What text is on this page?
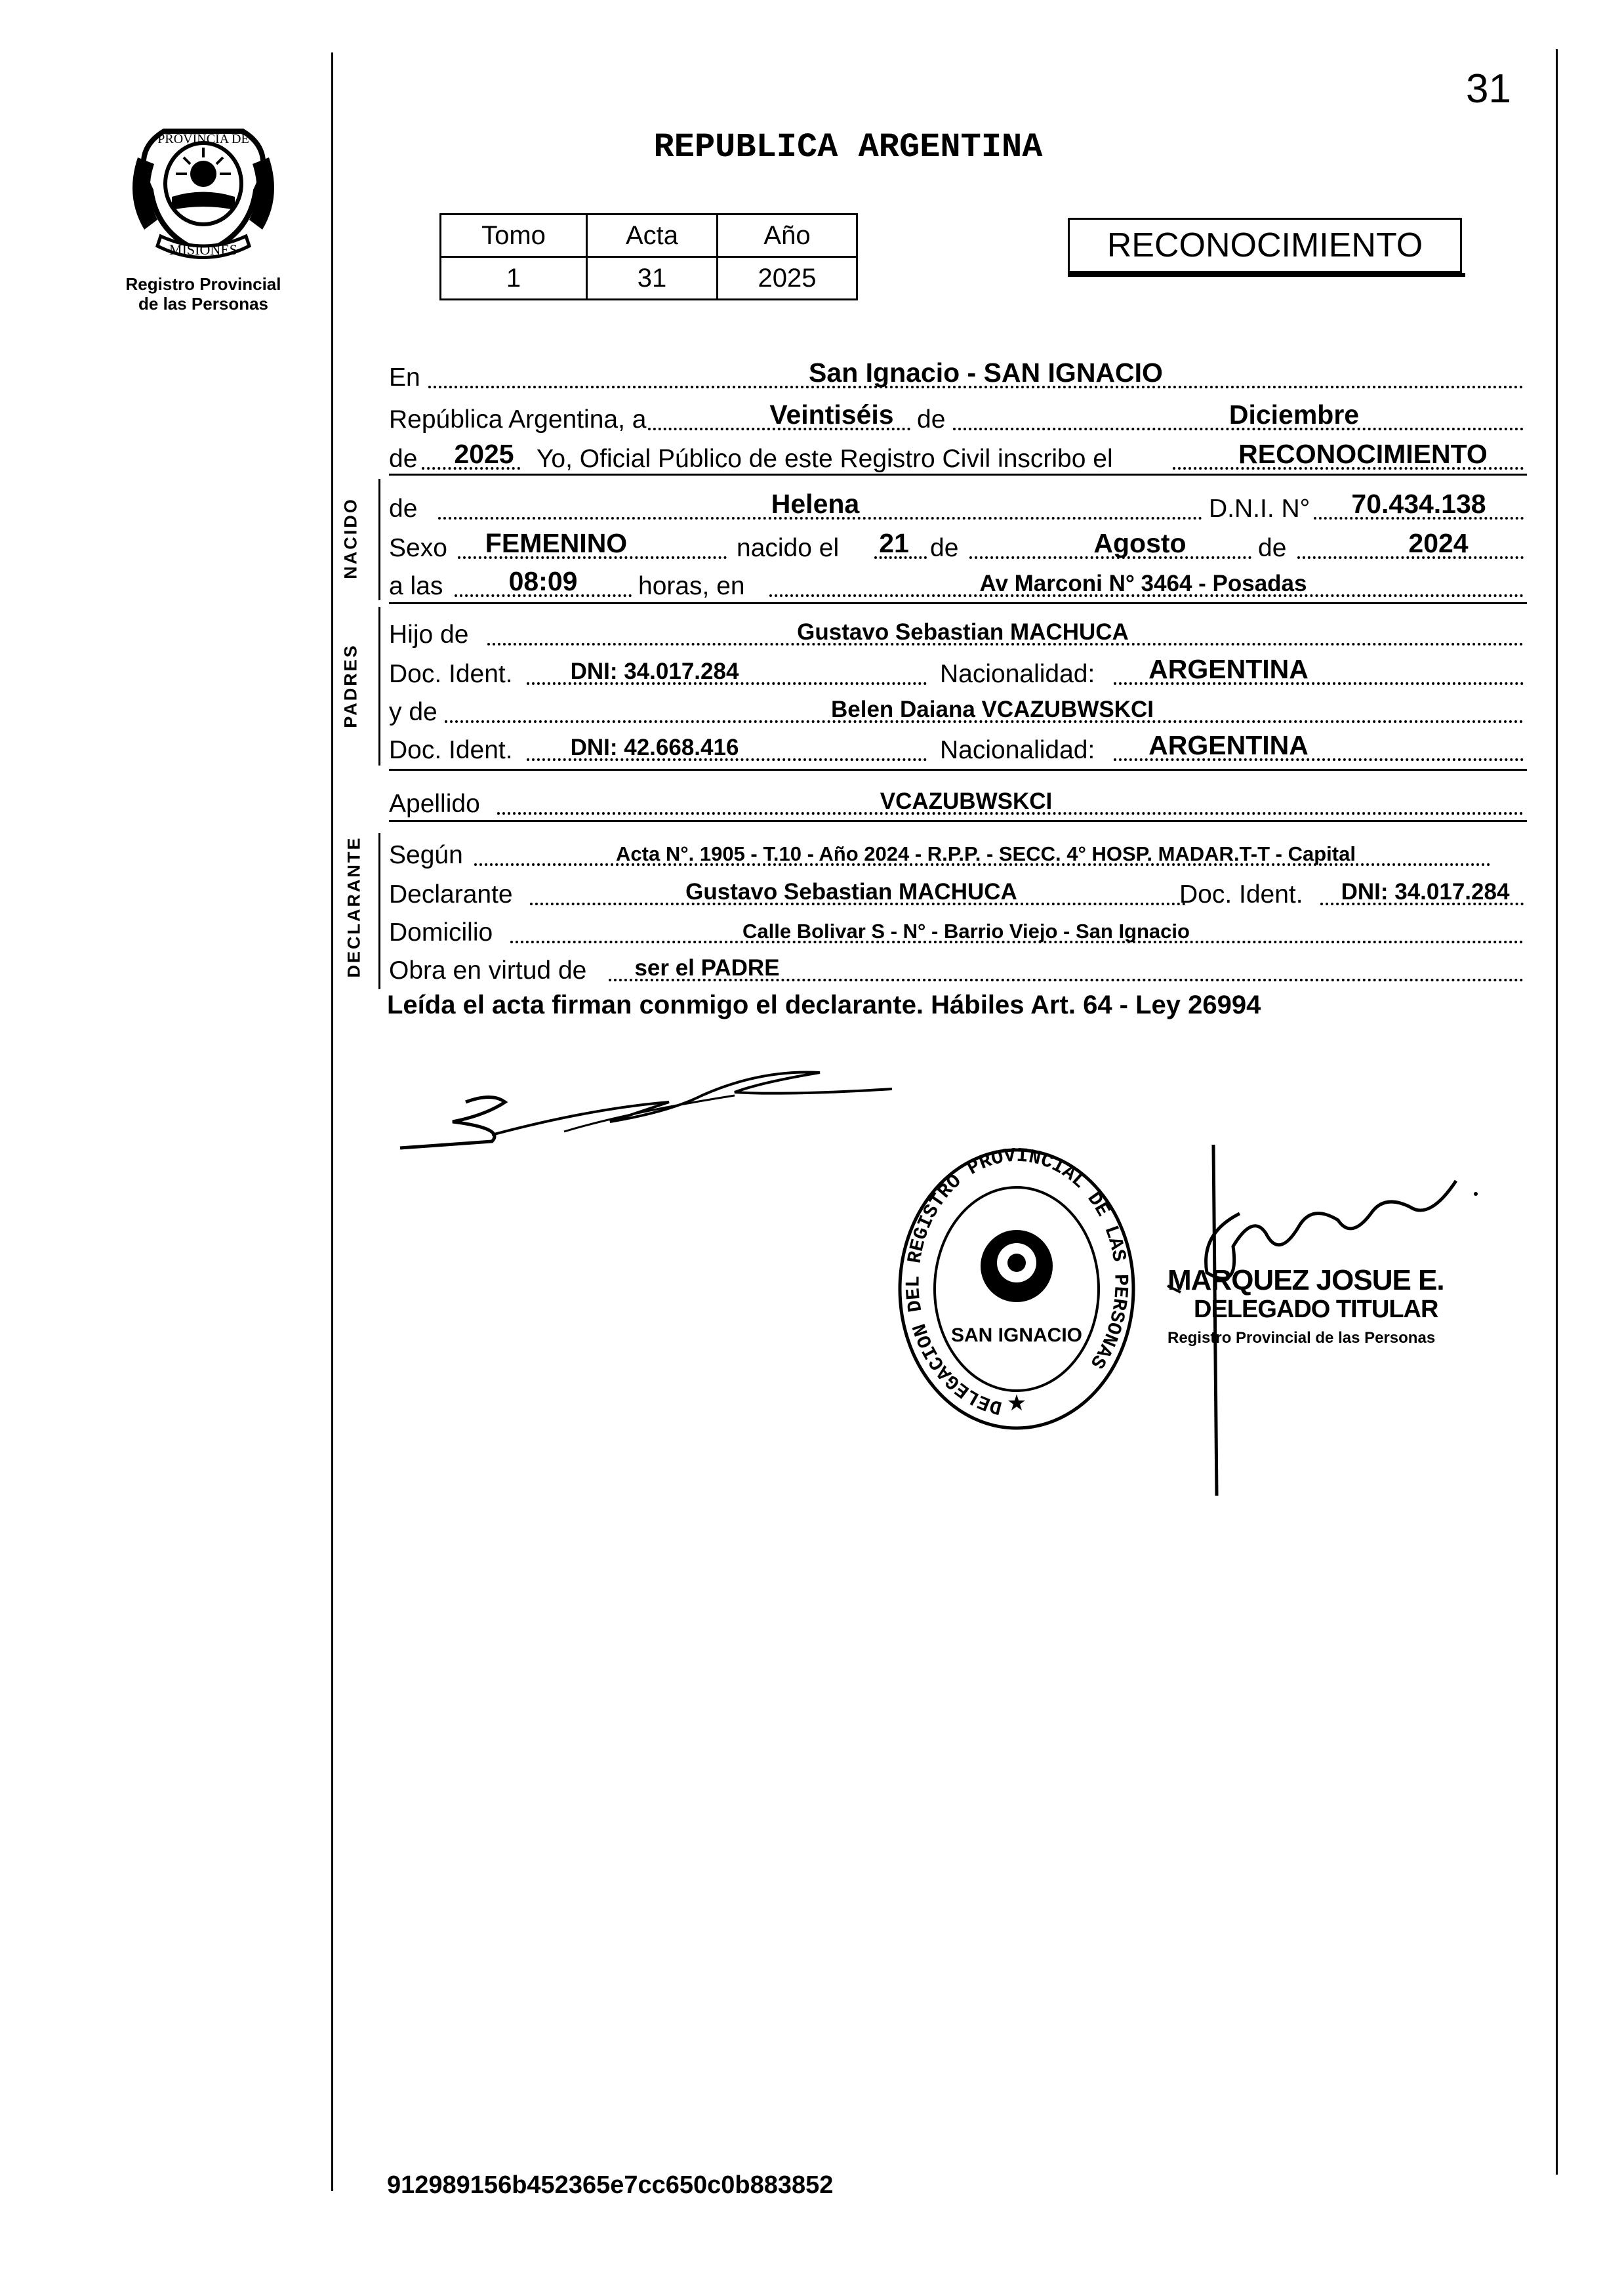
PROVINCIA DE
MISIONES
Registro Provincial
de las Personas
31
REPUBLICA ARGENTINA
Tomo	Acta	Año
1	31	2025
RECONOCIMIENTO
En	San Ignacio - SAN IGNACIO
República Argentina, a	Veintiséis de	Diciembre
de 2025 Yo, Oficial Público de este Registro Civil inscribo el	RECONOCIMIENTO
NACIDO de	Helena	D.N.I. N°	70.434.138
Sexo	FEMENINO	nacido el 21 de	Agosto	de	2024
a las	08:09	horas, en	Av Marconi N° 3464 - Posadas
PADRES
Hijo de	Gustavo Sebastian MACHUCA
Doc. Ident.	DNI: 34.017.284	Nacionalidad:	ARGENTINA
y de	Belen Daiana VCAZUBWSKCI
Doc. Ident.	DNI: 42.668.416	Nacionalidad:	ARGENTINA
Apellido	VCAZUBWSKCI
DECLARANTE Según	Acta N°. 1905 - T.10 - Año 2024 - R.P.P. - SECC. 4° HOSP. MADAR.T-T - Capital
Declarante	Gustavo Sebastian MACHUCA	Doc. Ident.	DNI: 34.017.284
Domicilio	Calle Bolivar S - N° - Barrio Viejo - San Ignacio
Obra en virtud de	ser el PADRE
Leída el acta firman conmigo el declarante. Hábiles Art. 64 - Ley 26994
DELEGACION DEL REGISTRO PROVINCIAL DE LAS PERSONAS
SAN IGNACIO
★
MARQUEZ JOSUE E.
DELEGADO TITULAR
Registro Provincial de las Personas
912989156b452365e7cc650c0b883852
